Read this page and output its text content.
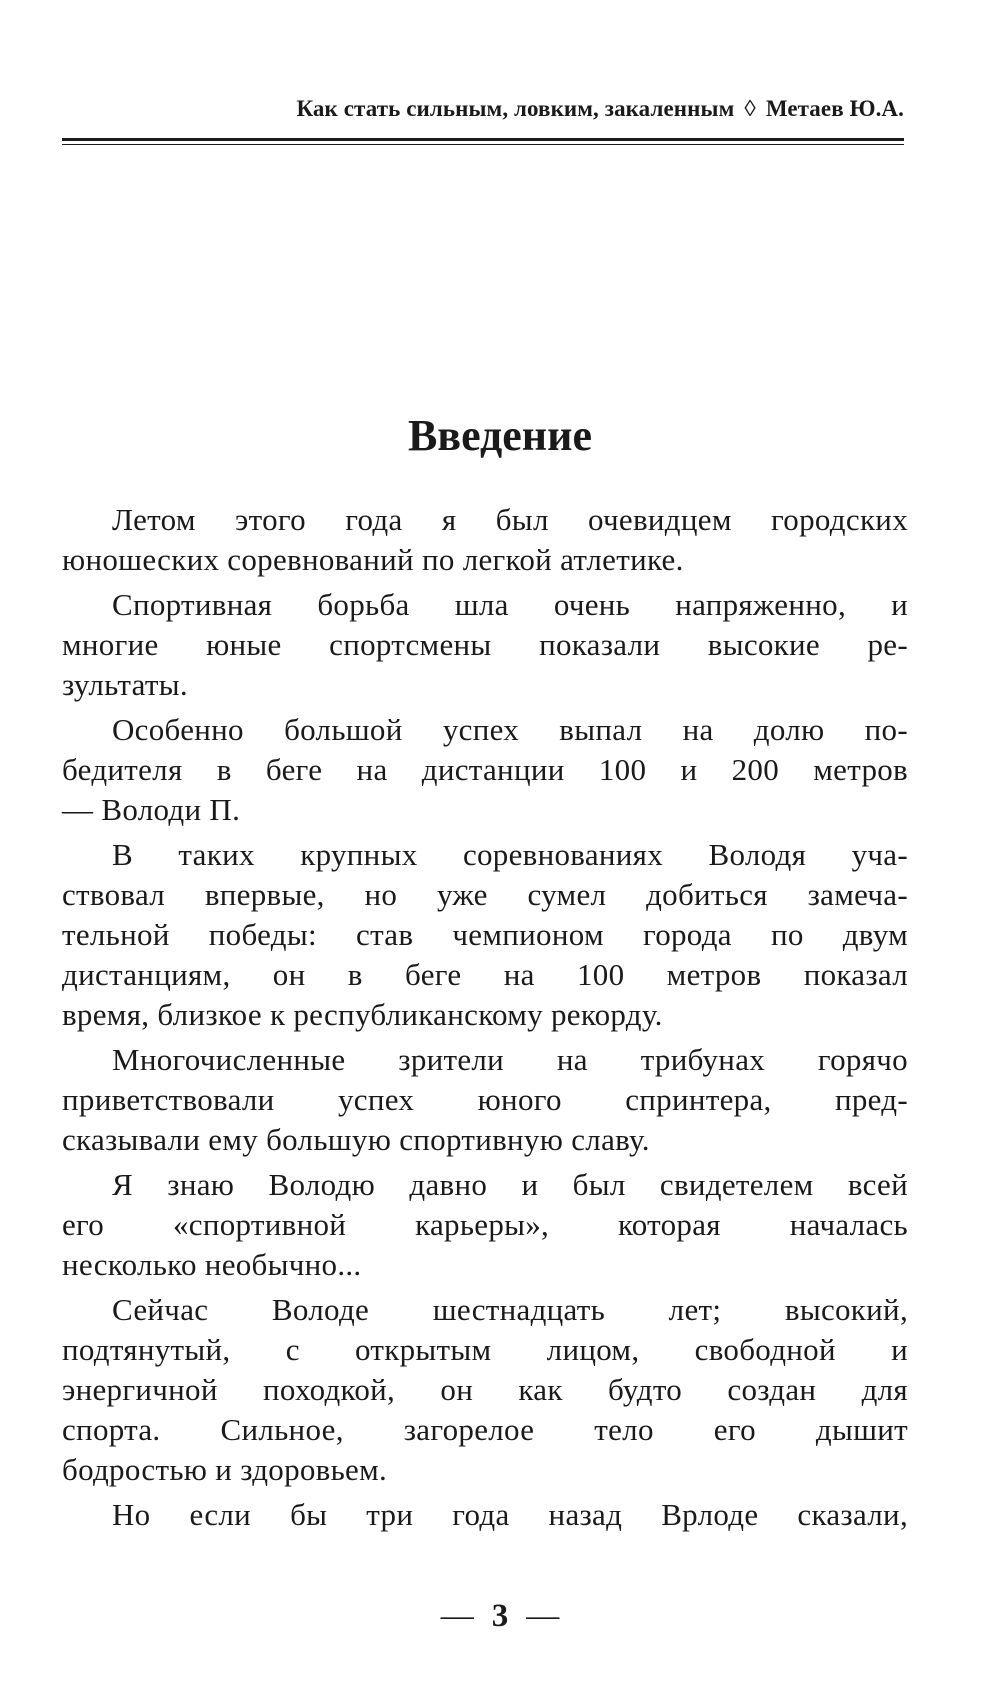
Как стать сильным, ловким, закаленным ◊ Метаев Ю.А.
Введение
Летом этого года я был очевидцем городских
юношеских соревнований по легкой атлетике.
Спортивная борьба шла очень напряженно, и
многие юные спортсмены показали высокие ре-
зультаты.
Особенно большой успех выпал на долю по-
бедителя в беге на дистанции 100 и 200 метров
— Володи П.
В таких крупных соревнованиях Володя уча-
ствовал впервые, но уже сумел добиться замеча-
тельной победы: став чемпионом города по двум
дистанциям, он в беге на 100 метров показал
время, близкое к республиканскому рекорду.
Многочисленные зрители на трибунах горячо
приветствовали успех юного спринтера, пред-
сказывали ему большую спортивную славу.
Я знаю Володю давно и был свидетелем всей
его «спортивной карьеры», которая началась
несколько необычно...
Сейчас Володе шестнадцать лет; высокий,
подтянутый, с открытым лицом, свободной и
энергичной походкой, он как будто создан для
спорта. Сильное, загорелое тело его дышит
бодростью и здоровьем.
Но если бы три года назад Врлоде сказали,
— 3 —
